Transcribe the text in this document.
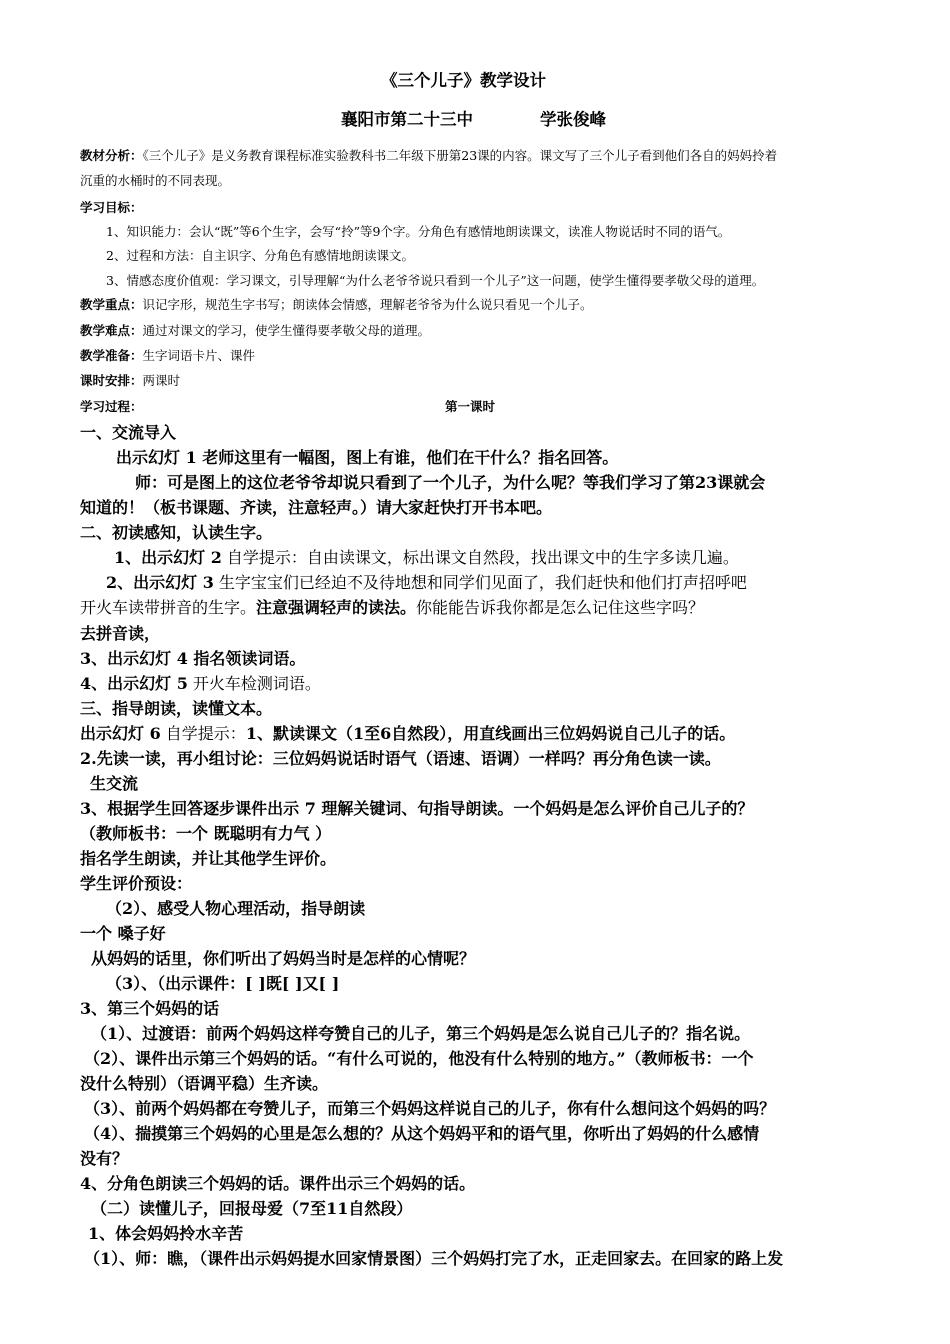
《三个儿子》教学设计
襄阳市第二十三中	学张俊峰
教材分析：《三个儿子》是义务教育课程标准实验教科书二年级下册第23课的内容。课文写了三个儿子看到他们各自的妈妈拎着
沉重的水桶时的不同表现。
学习目标：
1、知识能力：会认“既”等6个生字，会写“拎”等9个字。分角色有感情地朗读课文，读准人物说话时不同的语气。
2、过程和方法：自主识字、分角色有感情地朗读课文。
3、情感态度价值观：学习课文，引导理解“为什么老爷爷说只看到一个儿子”这一问题，使学生懂得要孝敬父母的道理。
教学重点：识记字形，规范生字书写；朗读体会情感，理解老爷爷为什么说只看见一个儿子。
教学难点：通过对课文的学习，使学生懂得要孝敬父母的道理。
教学准备：生字词语卡片、课件
课时安排：两课时
学习过程：	第一课时
一、交流导入
出示幻灯 1 老师这里有一幅图，图上有谁，他们在干什么？指名回答。
师：可是图上的这位老爷爷却说只看到了一个儿子，为什么呢？等我们学习了第23课就会
知道的！（板书课题、齐读，注意轻声。）请大家赶快打开书本吧。
二、初读感知，认读生字。
1、出示幻灯 2 自学提示：自由读课文，标出课文自然段，找出课文中的生字多读几遍。
2、出示幻灯 3 生字宝宝们已经迫不及待地想和同学们见面了，我们赶快和他们打声招呼吧
开火车读带拼音的生字。注意强调轻声的读法。你能能告诉我你都是怎么记住这些字吗？
去拼音读，
3、出示幻灯 4 指名领读词语。
4、出示幻灯 5 开火车检测词语。
三、指导朗读，读懂文本。
出示幻灯 6 自学提示：1、默读课文（1至6自然段），用直线画出三位妈妈说自己儿子的话。
2.先读一读，再小组讨论：三位妈妈说话时语气（语速、语调）一样吗？再分角色读一读。
生交流
3、根据学生回答逐步课件出示 7 理解关键词、句指导朗读。一个妈妈是怎么评价自己儿子的？
（教师板书：一个 既聪明有力气 ）
指名学生朗读，并让其他学生评价。
学生评价预设：
（2）、感受人物心理活动，指导朗读
一个 嗓子好
从妈妈的话里，你们听出了妈妈当时是怎样的心情呢？
（3）、（出示课件：[ ]既[ ]又[ ]
3、第三个妈妈的话
（1）、过渡语：前两个妈妈这样夸赞自己的儿子，第三个妈妈是怎么说自己儿子的？指名说。
（2）、课件出示第三个妈妈的话。“有什么可说的，他没有什么特别的地方。”（教师板书：一个
没什么特别）（语调平稳）生齐读。
（3）、前两个妈妈都在夸赞儿子，而第三个妈妈这样说自己的儿子，你有什么想问这个妈妈的吗？
（4）、揣摸第三个妈妈的心里是怎么想的？从这个妈妈平和的语气里，你听出了妈妈的什么感情
没有？
4、分角色朗读三个妈妈的话。课件出示三个妈妈的话。
（二）读懂儿子，回报母爱（7至11自然段）
1、体会妈妈拎水辛苦
（1）、师：瞧，（课件出示妈妈提水回家情景图）三个妈妈打完了水，正走回家去。在回家的路上发
